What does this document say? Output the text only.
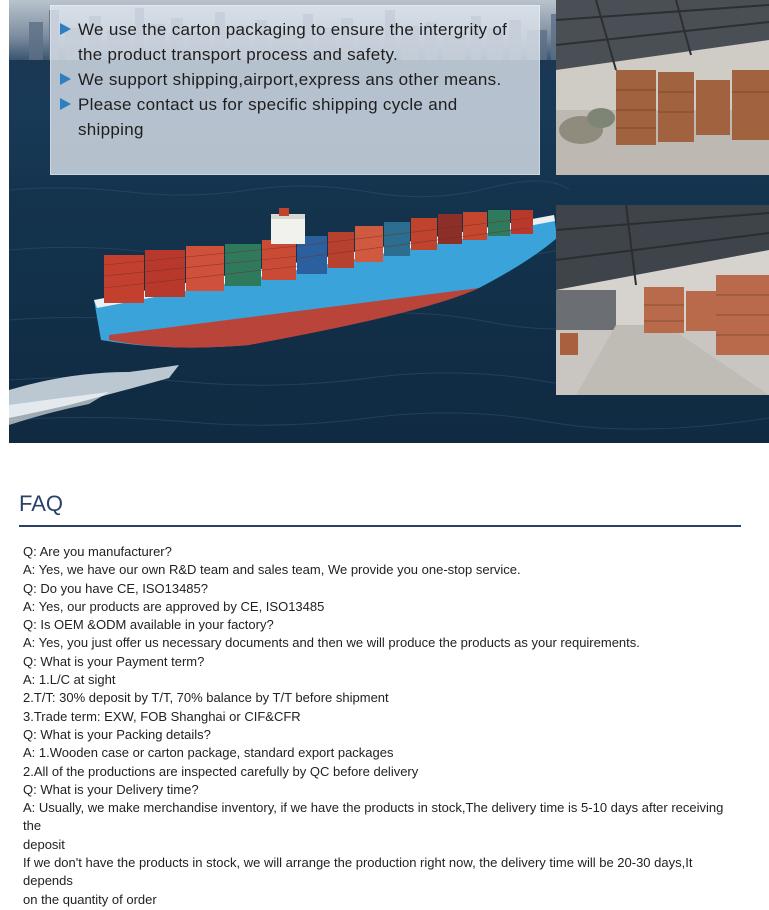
We use the carton packaging to ensure the intergrity of
the product transport process and safety.
We support shipping,airport,express ans other means.
Please contact us for specific shipping cycle and
shipping
FAQ
Q: Are you manufacturer?
A: Yes, we have our own R&D team and sales team, We provide you one-stop service.
Q: Do you have CE, ISO13485?
A: Yes, our products are approved by CE, ISO13485
Q: Is OEM &ODM available in your factory?
A: Yes, you just offer us necessary documents and then we will produce the products as your requirements.
Q: What is your Payment term?
A: 1.L/C at sight
2.T/T: 30% deposit by T/T, 70% balance by T/T before shipment
3.Trade term: EXW, FOB Shanghai or CIF&CFR
Q: What is your Packing details?
A: 1.Wooden case or carton package, standard export packages
2.All of the productions are inspected carefully by QC before delivery
Q: What is your Delivery time?
A: Usually, we make merchandise inventory, if we have the products in stock,The delivery time is 5-10 days after receiving
the
deposit
If we don't have the products in stock, we will arrange the production right now, the delivery time will be 20-30 days,It
depends
on the quantity of order
